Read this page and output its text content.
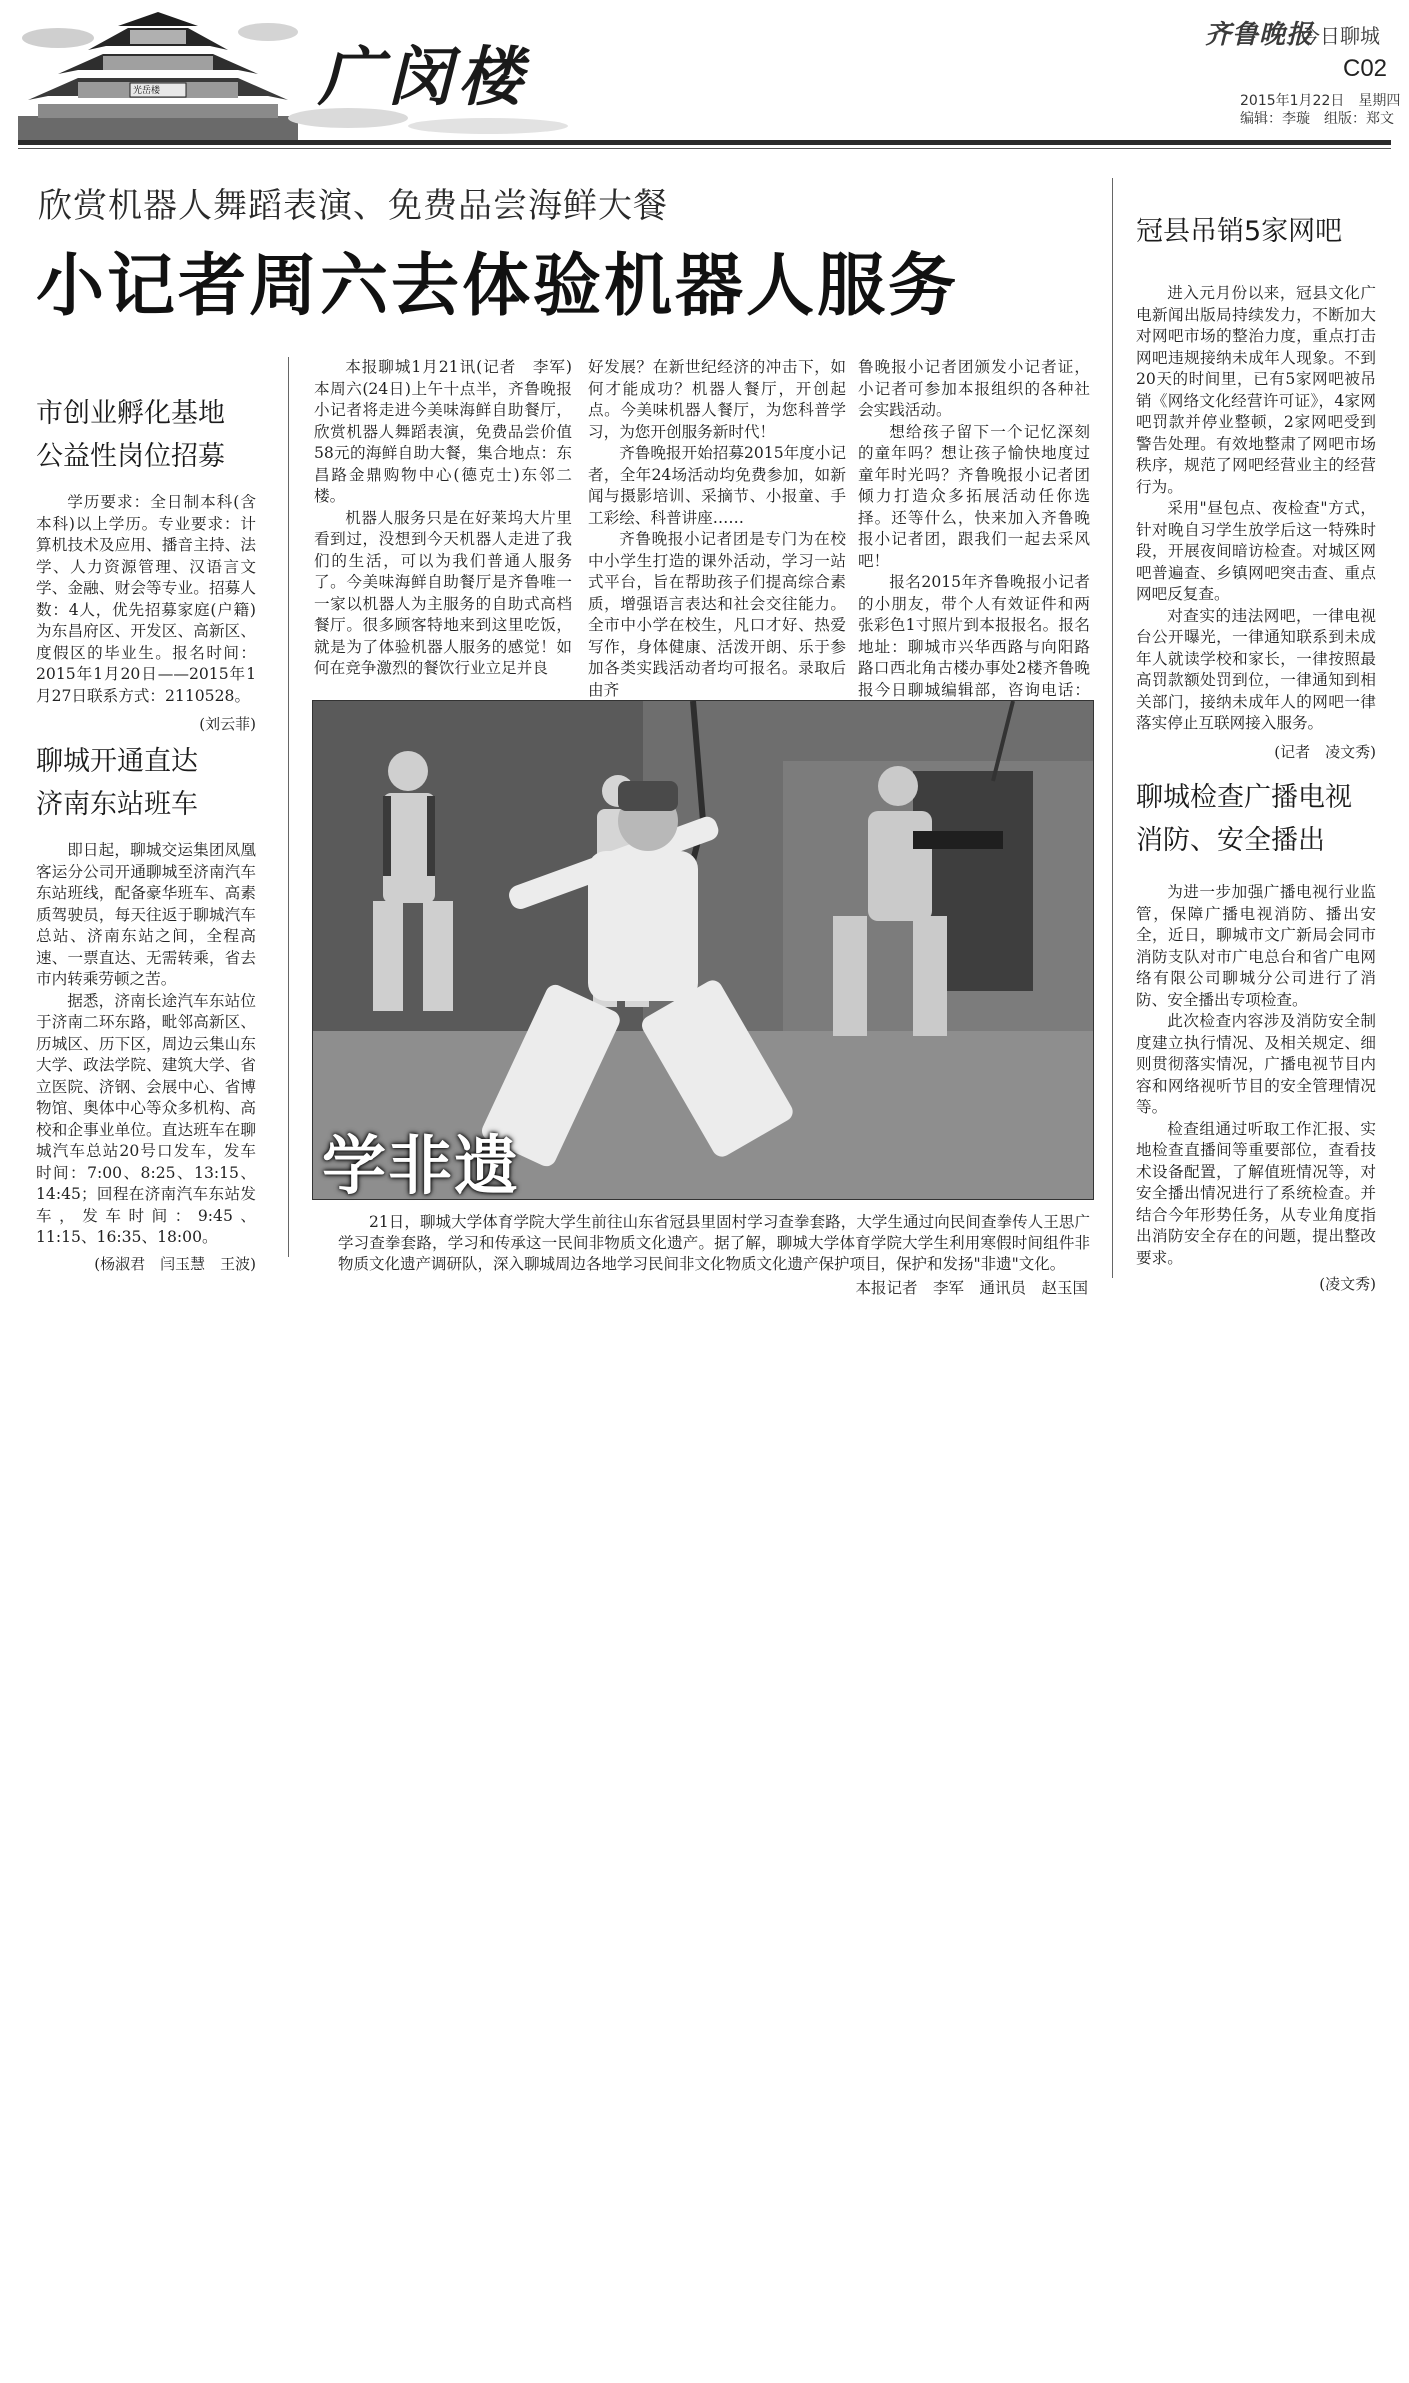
光岳楼 广闵楼
齐鲁晚报
今日聊城
C02
2015年1月22日　星期四
编辑：李璇　组版：郑文
欣赏机器人舞蹈表演、免费品尝海鲜大餐
小记者周六去体验机器人服务

本报聊城1月21讯(记者　李军)　本周六(24日)上午十点半，齐鲁晚报小记者将走进今美味海鲜自助餐厅，欣赏机器人舞蹈表演，免费品尝价值58元的海鲜自助大餐，集合地点：东昌路金鼎购物中心(德克士)东邻二楼。

机器人服务只是在好莱坞大片里看到过，没想到今天机器人走进了我们的生活，可以为我们普通人服务了。今美味海鲜自助餐厅是齐鲁唯一一家以机器人为主服务的自助式高档餐厅。很多顾客特地来到这里吃饭，就是为了体验机器人服务的感觉！如何在竞争激烈的餐饮行业立足并良

好发展？在新世纪经济的冲击下，如何才能成功？机器人餐厅，开创起点。今美味机器人餐厅，为您科普学习，为您开创服务新时代！

齐鲁晚报开始招募2015年度小记者，全年24场活动均免费参加，如新闻与摄影培训、采摘节、小报童、手工彩绘、科普讲座……

齐鲁晚报小记者团是专门为在校中小学生打造的课外活动，学习一站式平台，旨在帮助孩子们提高综合素质，增强语言表达和社会交往能力。全市中小学在校生，凡口才好、热爱写作，身体健康、活泼开朗、乐于参加各类实践活动者均可报名。录取后由齐

鲁晚报小记者团颁发小记者证，小记者可参加本报组织的各种社会实践活动。

想给孩子留下一个记忆深刻的童年吗？想让孩子愉快地度过童年时光吗？齐鲁晚报小记者团倾力打造众多拓展活动任你选择。还等什么，快来加入齐鲁晚报小记者团，跟我们一起去采风吧！

报名2015年齐鲁晚报小记者的小朋友，带个人有效证件和两张彩色1寸照片到本报报名。报名地址：聊城市兴华西路与向阳路路口西北角古楼办事处2楼齐鲁晚报今日聊城编辑部，咨询电话：

学非遗
21日，聊城大学体育学院大学生前往山东省冠县里固村学习查拳套路，大学生通过向民间查拳传人王思广学习查拳套路，学习和传承这一民间非物质文化遗产。据了解，聊城大学体育学院大学生利用寒假时间组件非物质文化遗产调研队，深入聊城周边各地学习民间非文化物质文化遗产保护项目，保护和发扬"非遗"文化。
本报记者　李军　通讯员　赵玉国
市创业孵化基地
公益性岗位招募

学历要求：全日制本科(含本科)以上学历。专业要求：计算机技术及应用、播音主持、法学、人力资源管理、汉语言文学、金融、财会等专业。招募人数：4人，优先招募家庭(户籍)为东昌府区、开发区、高新区、度假区的毕业生。报名时间：2015年1月20日——2015年1月27日联系方式：2110528。

(刘云菲)
聊城开通直达
济南东站班车

即日起，聊城交运集团凤凰客运分公司开通聊城至济南汽车东站班线，配备豪华班车、高素质驾驶员，每天往返于聊城汽车总站、济南东站之间，全程高速、一票直达、无需转乘，省去市内转乘劳顿之苦。

据悉，济南长途汽车东站位于济南二环东路，毗邻高新区、历城区、历下区，周边云集山东大学、政法学院、建筑大学、省立医院、济钢、会展中心、省博物馆、奥体中心等众多机构、高校和企事业单位。直达班车在聊城汽车总站20号口发车，发车时间：7:00、8:25、13:15、14:45；回程在济南汽车东站发车，发车时间：9:45、11:15、16:35、18:00。

(杨淑君　闫玉慧　王波)
冠县吊销5家网吧

进入元月份以来，冠县文化广电新闻出版局持续发力，不断加大对网吧市场的整治力度，重点打击网吧违规接纳未成年人现象。不到20天的时间里，已有5家网吧被吊销《网络文化经营许可证》，4家网吧罚款并停业整顿，2家网吧受到警告处理。有效地整肃了网吧市场秩序，规范了网吧经营业主的经营行为。

采用"昼包点、夜检查"方式，针对晚自习学生放学后这一特殊时段，开展夜间暗访检查。对城区网吧普遍查、乡镇网吧突击查、重点网吧反复查。

对查实的违法网吧，一律电视台公开曝光，一律通知联系到未成年人就读学校和家长，一律按照最高罚款额处罚到位，一律通知到相关部门，接纳未成年人的网吧一律落实停止互联网接入服务。

(记者　凌文秀)
聊城检查广播电视
消防、安全播出

为进一步加强广播电视行业监管，保障广播电视消防、播出安全，近日，聊城市文广新局会同市消防支队对市广电总台和省广电网络有限公司聊城分公司进行了消防、安全播出专项检查。

此次检查内容涉及消防安全制度建立执行情况、及相关规定、细则贯彻落实情况，广播电视节目内容和网络视听节目的安全管理情况等。

检查组通过听取工作汇报、实地检查直播间等重要部位，查看技术设备配置，了解值班情况等，对安全播出情况进行了系统检查。并结合今年形势任务，从专业角度指出消防安全存在的问题，提出整改要求。

(凌文秀)
